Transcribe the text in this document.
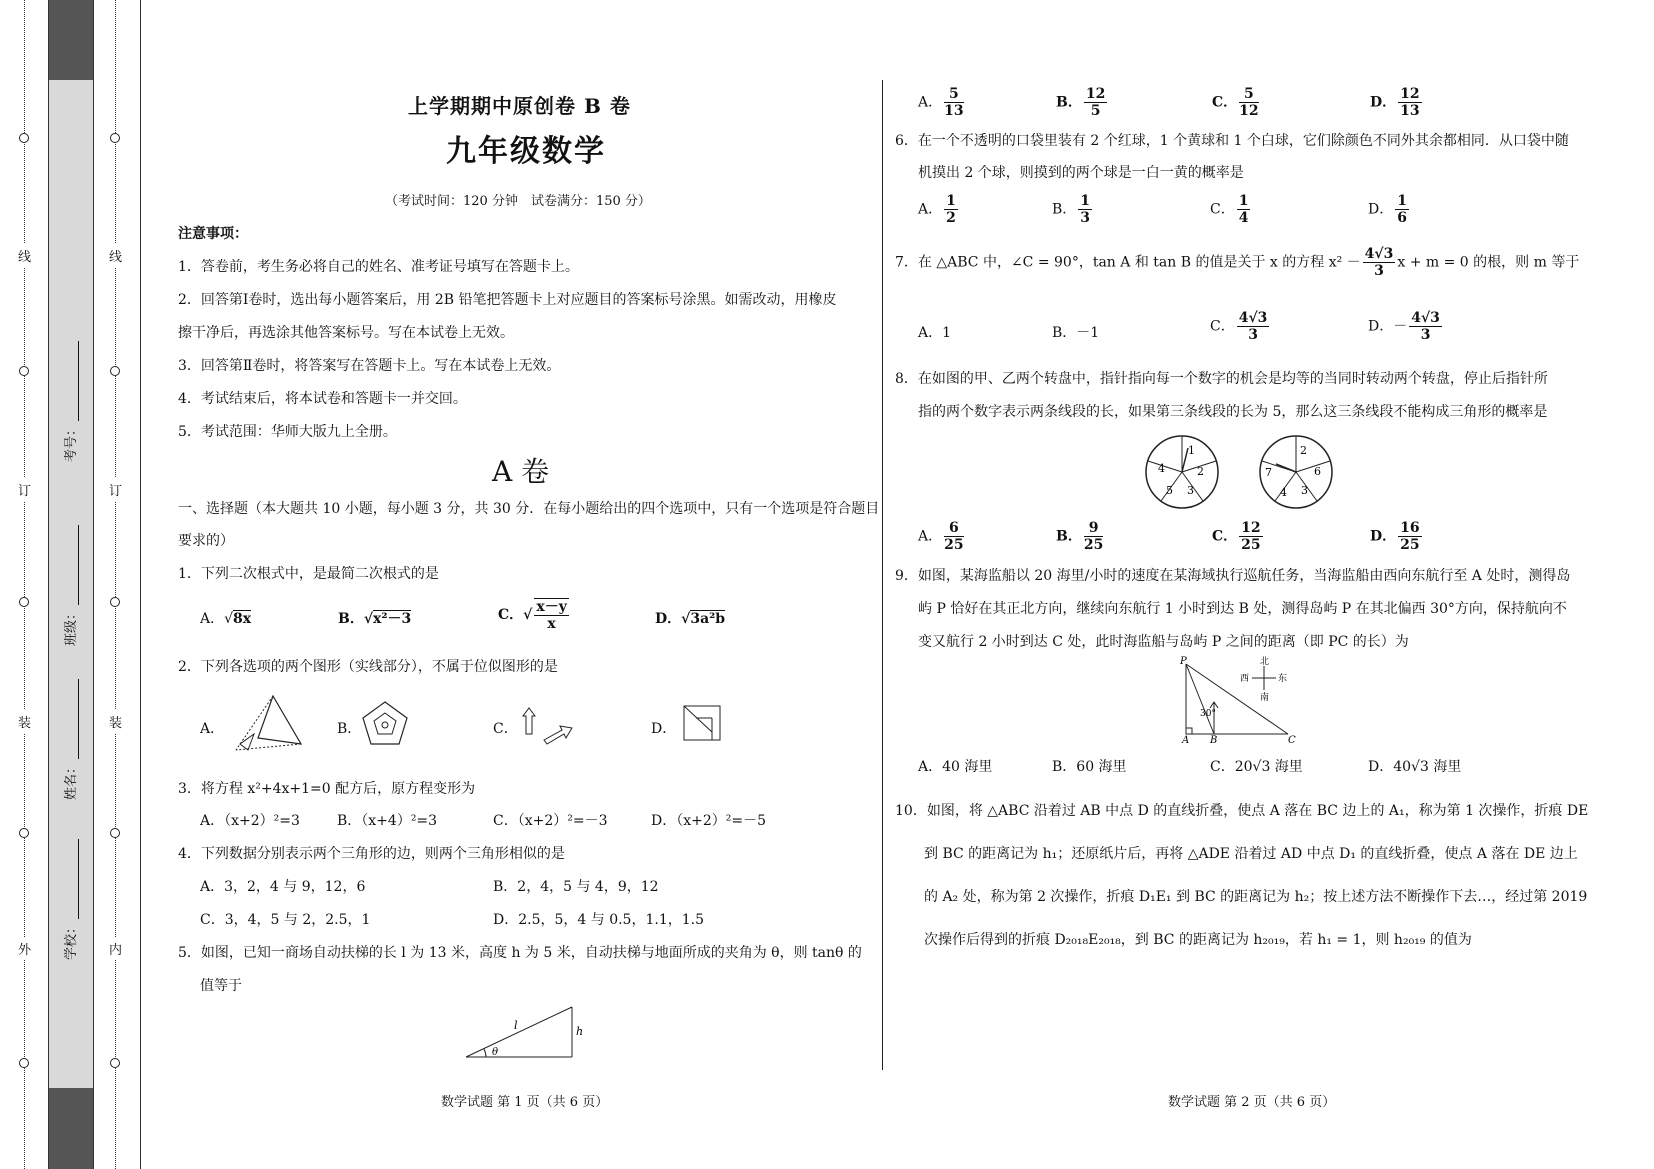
线
订
装
外
线
订
装
内
考号：
班级：
姓名：
学校：
上学期期中原创卷 B 卷
九年级数学
（考试时间：120 分钟　试卷满分：150 分）
注意事项：
1．答卷前，考生务必将自己的姓名、准考证号填写在答题卡上。
2．回答第Ⅰ卷时，选出每小题答案后，用 2B 铅笔把答题卡上对应题目的答案标号涂黑。如需改动，用橡皮
擦干净后，再选涂其他答案标号。写在本试卷上无效。
3．回答第Ⅱ卷时，将答案写在答题卡上。写在本试卷上无效。
4．考试结束后，将本试卷和答题卡一并交回。
5．考试范围：华师大版九上全册。
A 卷
一、选择题（本大题共 10 小题，每小题 3 分，共 30 分．在每小题给出的四个选项中，只有一个选项是符合题目
要求的）
1．下列二次根式中，是最简二次根式的是
A．√8x	B．√x²－3	C．√ $\frac{x-y}{x}$	D．√3a²b
2．下列各选项的两个图形（实线部分），不属于位似图形的是
A．	B．	C．	D．
3．将方程 x²+4x+1=0 配方后，原方程变形为
A．（x+2）²=3	B．（x+4）²=3	C．（x+2）²=－3	D．（x+2）²=－5
4．下列数据分别表示两个三角形的边，则两个三角形相似的是
A．3，2，4 与 9，12，6	B．2，4，5 与 4，9，12
C．3，4，5 与 2，2.5，1	D．2.5，5，4 与 0.5，1.1，1.5
5．如图，已知一商场自动扶梯的长 l 为 13 米，高度 h 为 5 米，自动扶梯与地面所成的夹角为 θ，则 tanθ 的
值等于
l	h
θ
A． $\frac{5}{13}$	B． $\frac{12}{5}$	C． $\frac{5}{12}$	D． $\frac{12}{13}$
6．在一个不透明的口袋里装有 2 个红球，1 个黄球和 1 个白球，它们除颜色不同外其余都相同．从口袋中随
机摸出 2 个球，则摸到的两个球是一白一黄的概率是
A． $\frac{1}{2}$	B． $\frac{1}{3}$	C． $\frac{1}{4}$	D． $\frac{1}{6}$
7．在 △ABC 中，∠C = 90°，tan A 和 tan B 的值是关于 x 的方程 $x^2 - \frac{4√3}{3}$ x + m = 0 的根，则 m 等于
A．1	B．－1	C． $\frac{4√3}{3}$	D．－ $\frac{4√3}{3}$
8．在如图的甲、乙两个转盘中，指针指向每一个数字的机会是均等的当同时转动两个转盘，停止后指针所
指的两个数字表示两条线段的长，如果第三条线段的长为 5，那么这三条线段不能构成三角形的概率是
1
2
3
5
4
2
6
3
4
7
A． $\frac{6}{25}$	B． $\frac{9}{25}$	C． $\frac{12}{25}$	D． $\frac{16}{25}$
9．如图，某海监船以 20 海里/小时的速度在某海域执行巡航任务，当海监船由西向东航行至 A 处时，测得岛
屿 P 恰好在其正北方向，继续向东航行 1 小时到达 B 处，测得岛屿 P 在其北偏西 30°方向，保持航向不
变又航行 2 小时到达 C 处，此时海监船与岛屿 P 之间的距离（即 PC 的长）为
P
A B	C
30°
北
西	东
南
A．40 海里	B．60 海里	C．20√3 海里	D．40√3 海里
10．如图，将 △ABC 沿着过 AB 中点 D 的直线折叠，使点 A 落在 BC 边上的 A₁，称为第 1 次操作，折痕 DE
到 BC 的距离记为 h₁；还原纸片后，再将 △ADE 沿着过 AD 中点 D₁ 的直线折叠，使点 A 落在 DE 边上
的 A₂ 处，称为第 2 次操作，折痕 D₁E₁ 到 BC 的距离记为 h₂；按上述方法不断操作下去…，经过第 2019
次操作后得到的折痕 D₂₀₁₈E₂₀₁₈，到 BC 的距离记为 h₂₀₁₉，若 h₁ = 1，则 h₂₀₁₉ 的值为
数学试题 第 1 页（共 6 页）	数学试题 第 2 页（共 6 页）
